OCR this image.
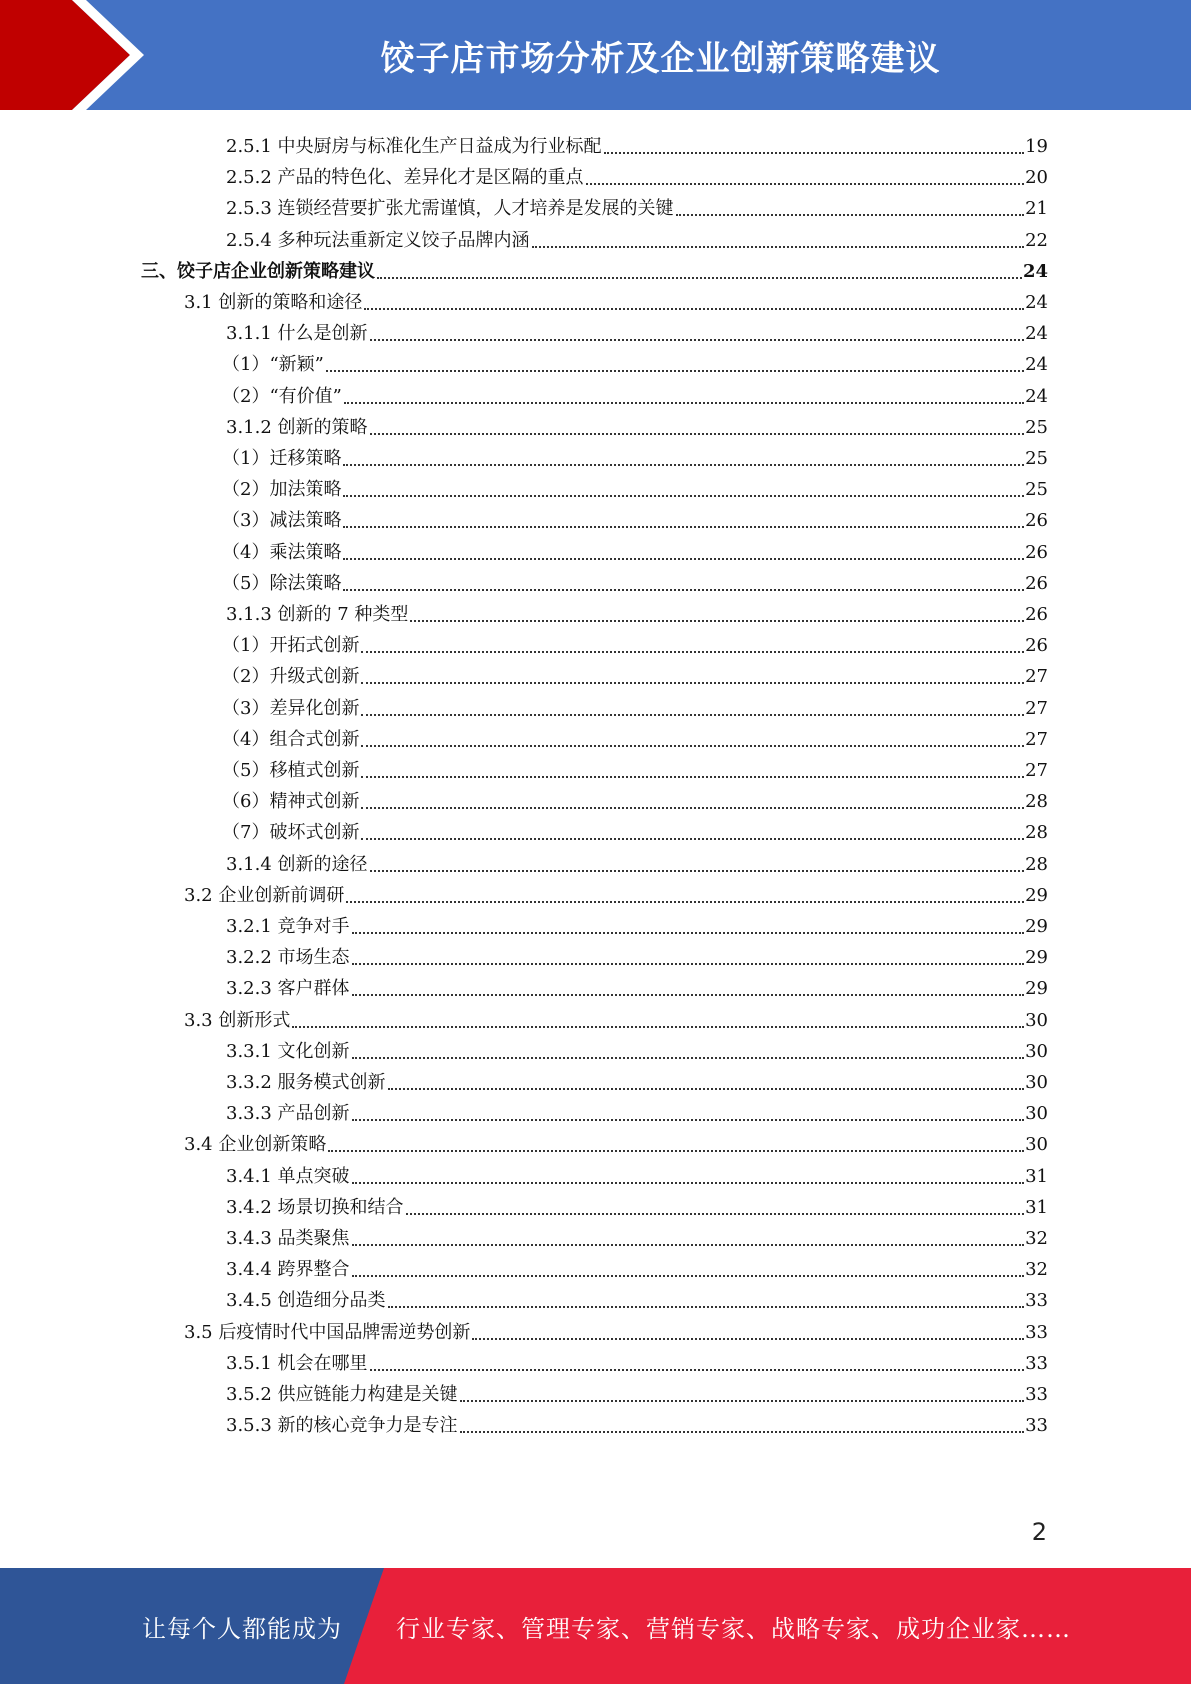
饺子店市场分析及企业创新策略建议
2.5.1 中央厨房与标准化生产日益成为行业标配	19
2.5.2 产品的特色化、差异化才是区隔的重点	20
2.5.3 连锁经营要扩张尤需谨慎，人才培养是发展的关键	21
2.5.4 多种玩法重新定义饺子品牌内涵	22
三、饺子店企业创新策略建议	24
3.1 创新的策略和途径	24
3.1.1 什么是创新	24
（1）“新颖”	24
（2）“有价值”	24
3.1.2 创新的策略	25
（1）迁移策略	25
（2）加法策略	25
（3）减法策略	26
（4）乘法策略	26
（5）除法策略	26
3.1.3 创新的 7 种类型	26
（1）开拓式创新	26
（2）升级式创新	27
（3）差异化创新	27
（4）组合式创新	27
（5）移植式创新	27
（6）精神式创新	28
（7）破坏式创新	28
3.1.4 创新的途径	28
3.2 企业创新前调研	29
3.2.1 竞争对手	29
3.2.2 市场生态	29
3.2.3 客户群体	29
3.3 创新形式	30
3.3.1 文化创新	30
3.3.2 服务模式创新	30
3.3.3 产品创新	30
3.4 企业创新策略	30
3.4.1 单点突破	31
3.4.2 场景切换和结合	31
3.4.3 品类聚焦	32
3.4.4 跨界整合	32
3.4.5 创造细分品类	33
3.5 后疫情时代中国品牌需逆势创新	33
3.5.1 机会在哪里	33
3.5.2 供应链能力构建是关键	33
3.5.3 新的核心竞争力是专注	33
2
让每个人都能成为 行业专家、管理专家、营销专家、战略专家、成功企业家……
